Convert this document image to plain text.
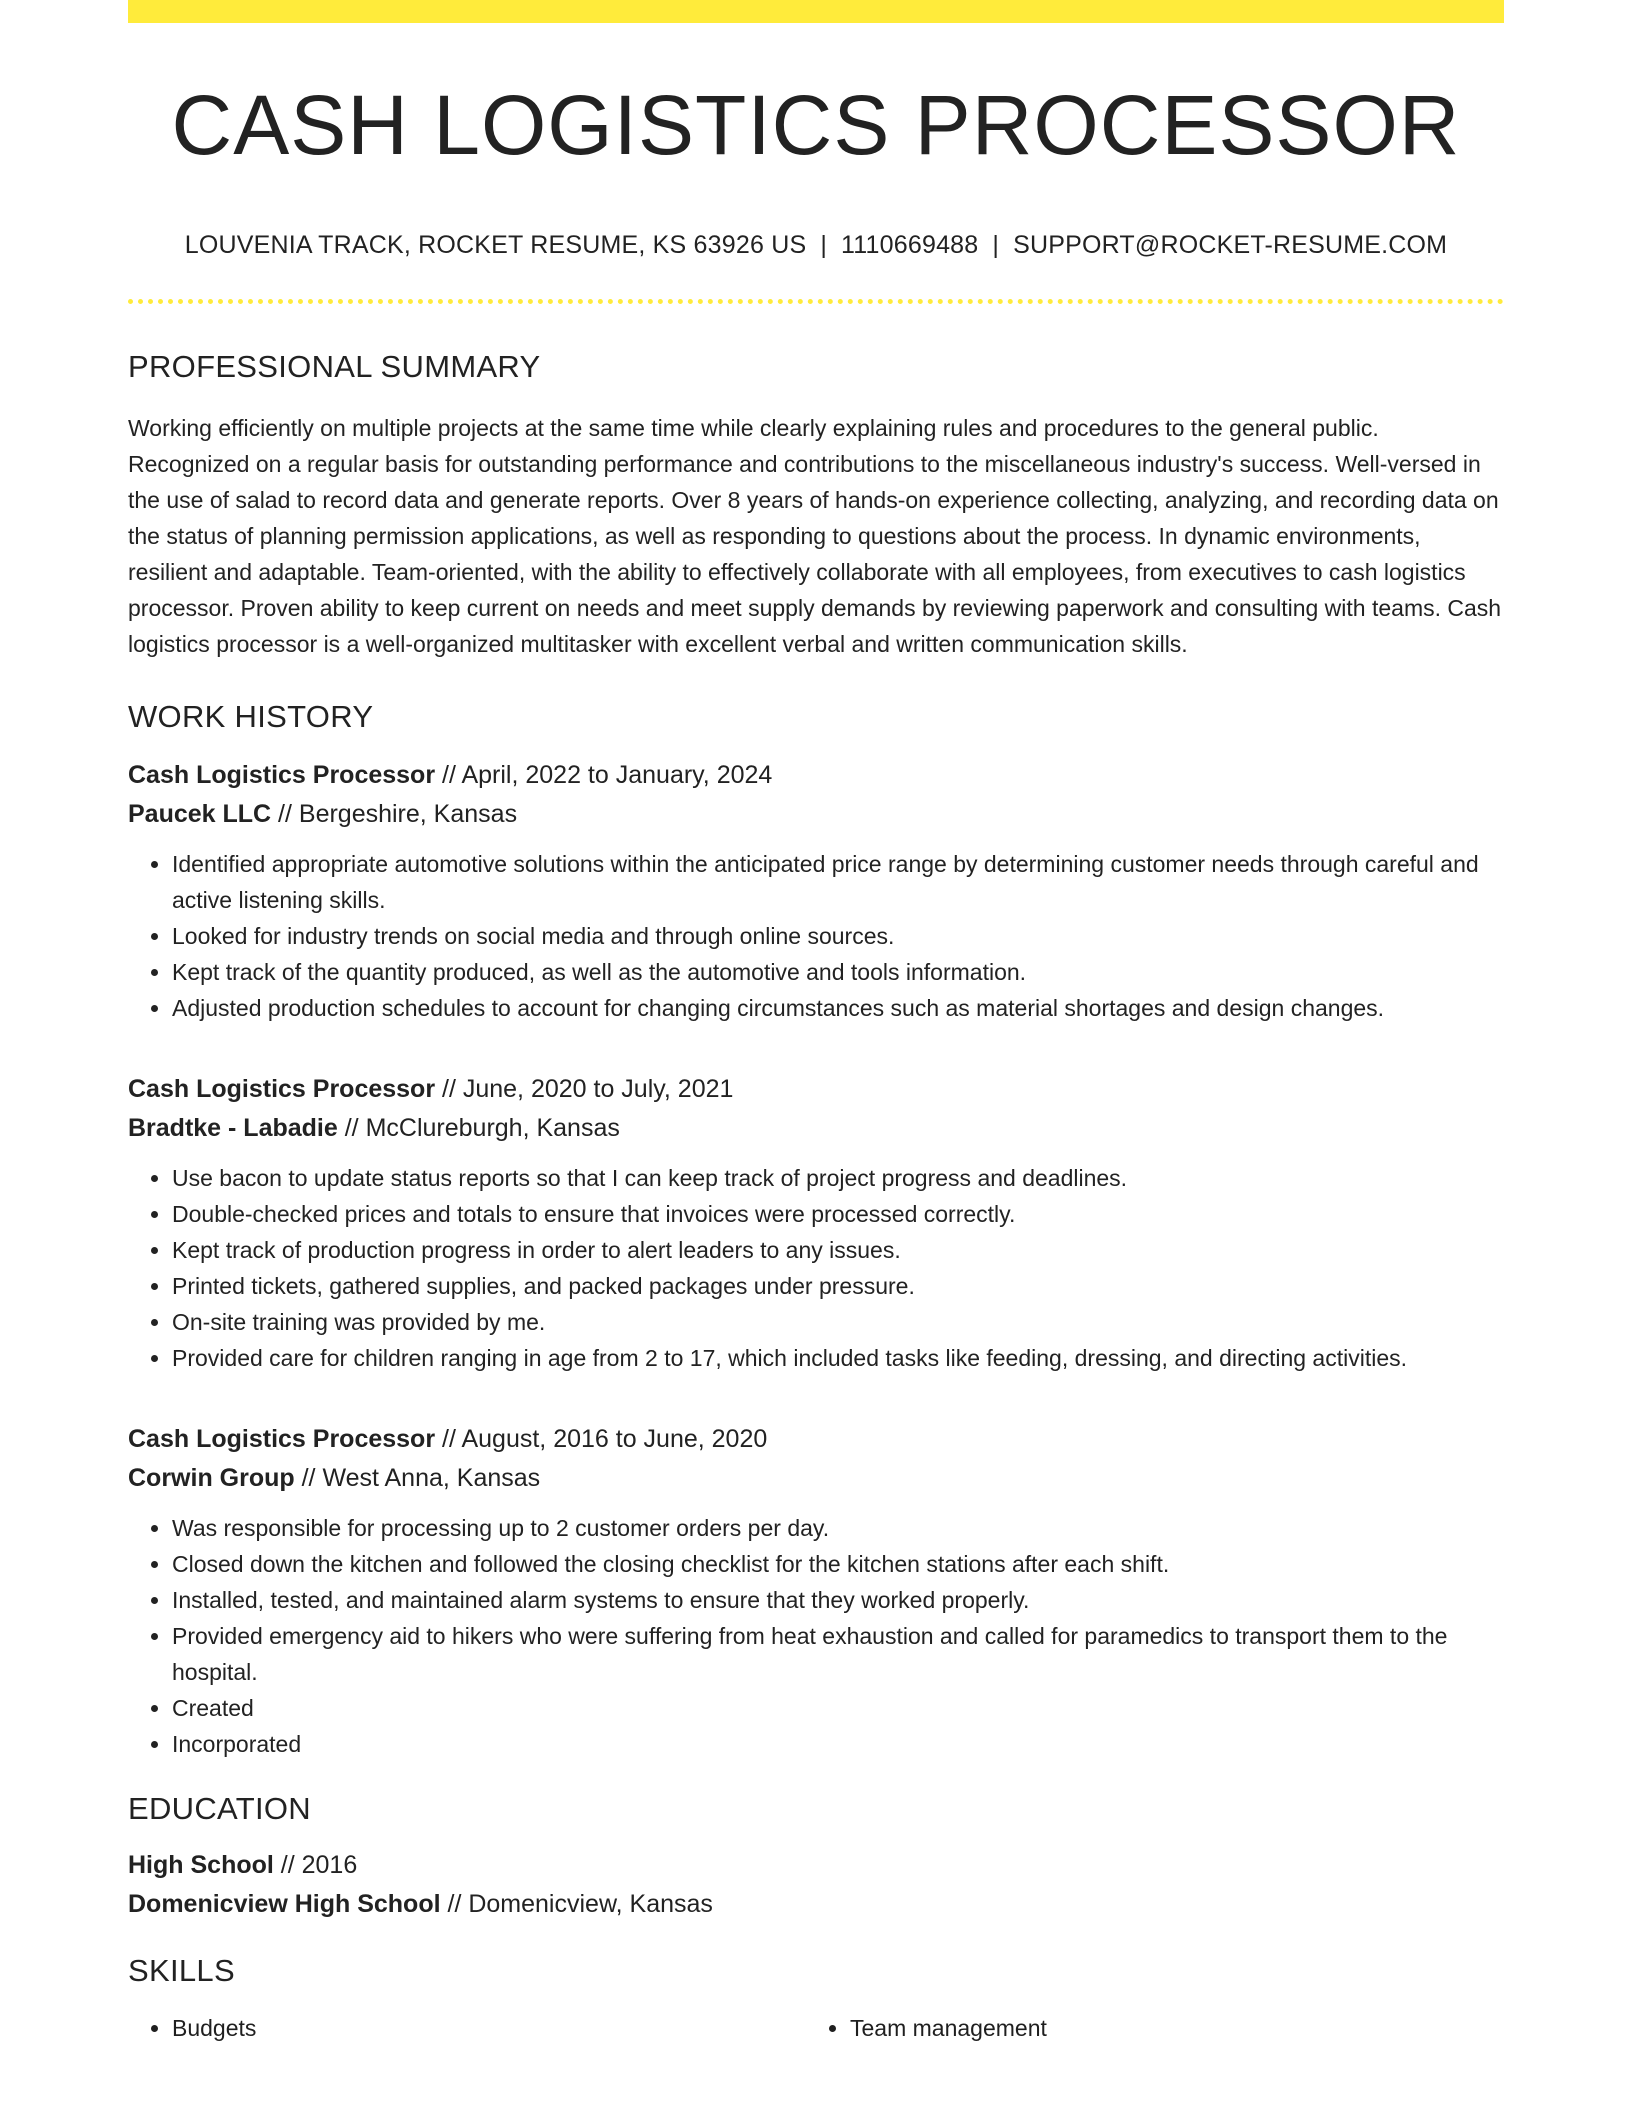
CASH LOGISTICS PROCESSOR
LOUVENIA TRACK, ROCKET RESUME, KS 63926 US | 1110669488 | SUPPORT@ROCKET-RESUME.COM
PROFESSIONAL SUMMARY
Working efficiently on multiple projects at the same time while clearly explaining rules and procedures to the general public. Recognized on a regular basis for outstanding performance and contributions to the miscellaneous industry's success. Well-versed in the use of salad to record data and generate reports. Over 8 years of hands-on experience collecting, analyzing, and recording data on the status of planning permission applications, as well as responding to questions about the process. In dynamic environments, resilient and adaptable. Team-oriented, with the ability to effectively collaborate with all employees, from executives to cash logistics processor. Proven ability to keep current on needs and meet supply demands by reviewing paperwork and consulting with teams. Cash logistics processor is a well-organized multitasker with excellent verbal and written communication skills.
WORK HISTORY
Cash Logistics Processor // April, 2022 to January, 2024
Paucek LLC // Bergeshire, Kansas
• Identified appropriate automotive solutions within the anticipated price range by determining customer needs through careful and active listening skills.
• Looked for industry trends on social media and through online sources.
• Kept track of the quantity produced, as well as the automotive and tools information.
• Adjusted production schedules to account for changing circumstances such as material shortages and design changes.
Cash Logistics Processor // June, 2020 to July, 2021
Bradtke - Labadie // McClureburgh, Kansas
• Use bacon to update status reports so that I can keep track of project progress and deadlines.
• Double-checked prices and totals to ensure that invoices were processed correctly.
• Kept track of production progress in order to alert leaders to any issues.
• Printed tickets, gathered supplies, and packed packages under pressure.
• On-site training was provided by me.
• Provided care for children ranging in age from 2 to 17, which included tasks like feeding, dressing, and directing activities.
Cash Logistics Processor // August, 2016 to June, 2020
Corwin Group // West Anna, Kansas
• Was responsible for processing up to 2 customer orders per day.
• Closed down the kitchen and followed the closing checklist for the kitchen stations after each shift.
• Installed, tested, and maintained alarm systems to ensure that they worked properly.
• Provided emergency aid to hikers who were suffering from heat exhaustion and called for paramedics to transport them to the hospital.
• Created
• Incorporated
EDUCATION
High School // 2016
Domenicview High School // Domenicview, Kansas
SKILLS
• Budgets
•	Team management
